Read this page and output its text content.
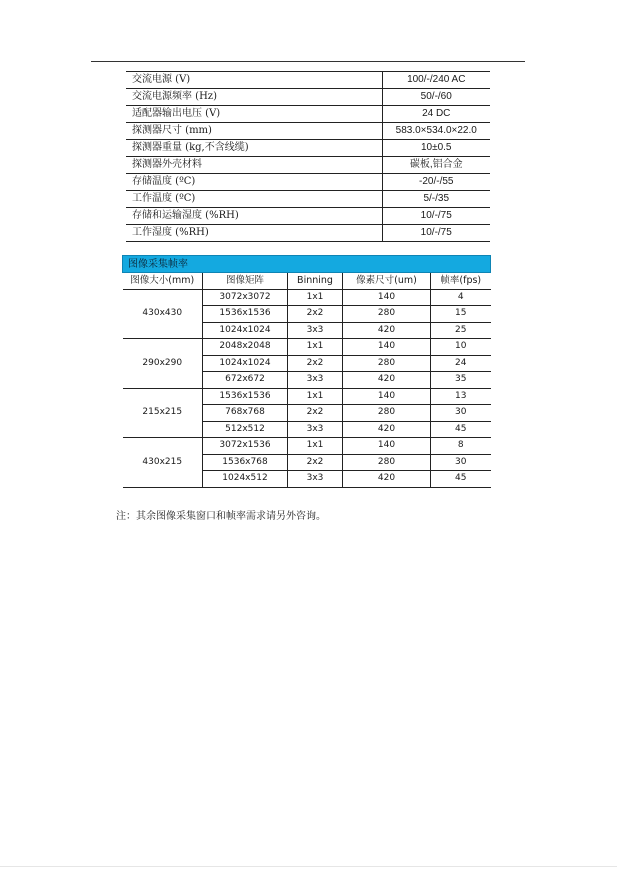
交流电源 (V)	100/-/240 AC
交流电源频率 (Hz)	50/-/60
适配器输出电压 (V)	24 DC
探测器尺寸 (mm)	583.0×534.0×22.0
探测器重量 (kg,不含线缆)	10±0.5
探测器外壳材料	碳板,铝合金
存储温度 (ºC)	-20/-/55
工作温度 (ºC)	5/-/35
存储和运输湿度 (%RH)	10/-/75
工作湿度 (%RH)	10/-/75
图像采集帧率				
图像大小(mm)	图像矩阵	Binning	像素尺寸(um)	帧率(fps)
430x430	3072x3072	1x1	140	4
	1536x1536	2x2	280	15
	1024x1024	3x3	420	25
290x290	2048x2048	1x1	140	10
	1024x1024	2x2	280	24
	672x672	3x3	420	35
215x215	1536x1536	1x1	140	13
	768x768	2x2	280	30
	512x512	3x3	420	45
430x215	3072x1536	1x1	140	8
	1536x768	2x2	280	30
	1024x512	3x3	420	45
注：其余图像采集窗口和帧率需求请另外咨询。
